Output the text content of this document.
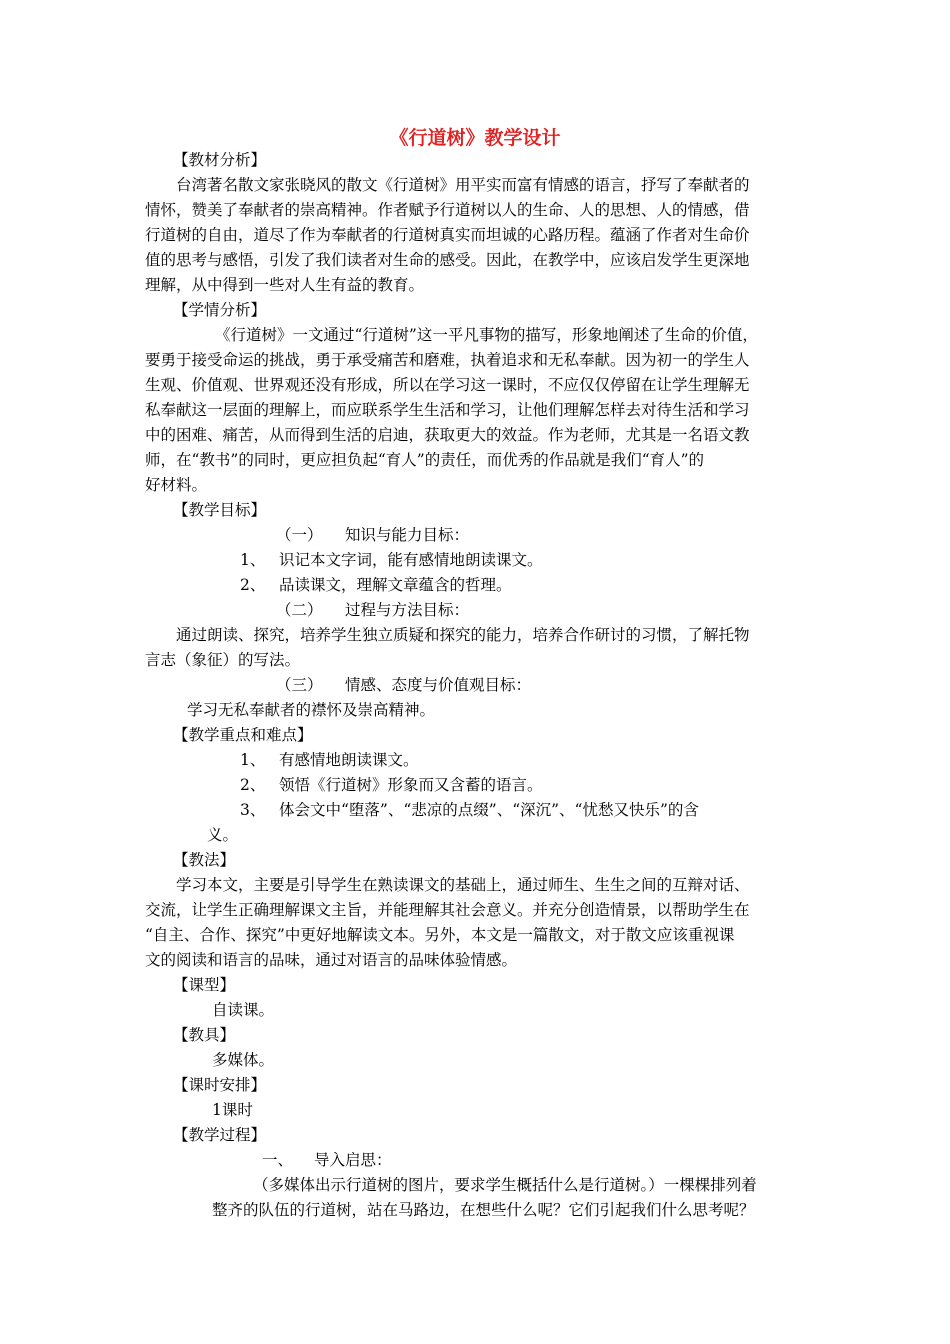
《行道树》教学设计
【教材分析】
台湾著名散文家张晓风的散文《行道树》用平实而富有情感的语言，抒写了奉献者的
情怀，赞美了奉献者的崇高精神。作者赋予行道树以人的生命、人的思想、人的情感，借
行道树的自由，道尽了作为奉献者的行道树真实而坦诚的心路历程。蕴涵了作者对生命价
值的思考与感悟，引发了我们读者对生命的感受。因此，在教学中，应该启发学生更深地
理解，从中得到一些对人生有益的教育。
【学情分析】
《行道树》一文通过“行道树”这一平凡事物的描写，形象地阐述了生命的价值，
要勇于接受命运的挑战，勇于承受痛苦和磨难，执着追求和无私奉献。因为初一的学生人
生观、价值观、世界观还没有形成，所以在学习这一课时，不应仅仅停留在让学生理解无
私奉献这一层面的理解上，而应联系学生生活和学习，让他们理解怎样去对待生活和学习
中的困难、痛苦，从而得到生活的启迪，获取更大的效益。作为老师，尤其是一名语文教
师，在“教书”的同时，更应担负起“育人”的责任，而优秀的作品就是我们“育人”的
好材料。
【教学目标】
（一） 知识与能力目标：
1、 识记本文字词，能有感情地朗读课文。
2、 品读课文，理解文章蕴含的哲理。
（二） 过程与方法目标：
通过朗读、探究，培养学生独立质疑和探究的能力，培养合作研讨的习惯，了解托物
言志（象征）的写法。
（三） 情感、态度与价值观目标：
学习无私奉献者的襟怀及崇高精神。
【教学重点和难点】
1、 有感情地朗读课文。
2、 领悟《行道树》形象而又含蓄的语言。
3、 体会文中“堕落”、“悲凉的点缀”、“深沉”、“忧愁又快乐”的含
义。
【教法】
学习本文，主要是引导学生在熟读课文的基础上，通过师生、生生之间的互辩对话、
交流，让学生正确理解课文主旨，并能理解其社会意义。并充分创造情景，以帮助学生在
“自主、合作、探究”中更好地解读文本。另外，本文是一篇散文，对于散文应该重视课
文的阅读和语言的品味，通过对语言的品味体验情感。
【课型】
自读课。
【教具】
多媒体。
【课时安排】
1课时
【教学过程】
一、 导入启思：
（多媒体出示行道树的图片，要求学生概括什么是行道树。）一棵棵排列着
整齐的队伍的行道树，站在马路边，在想些什么呢？它们引起我们什么思考呢？
